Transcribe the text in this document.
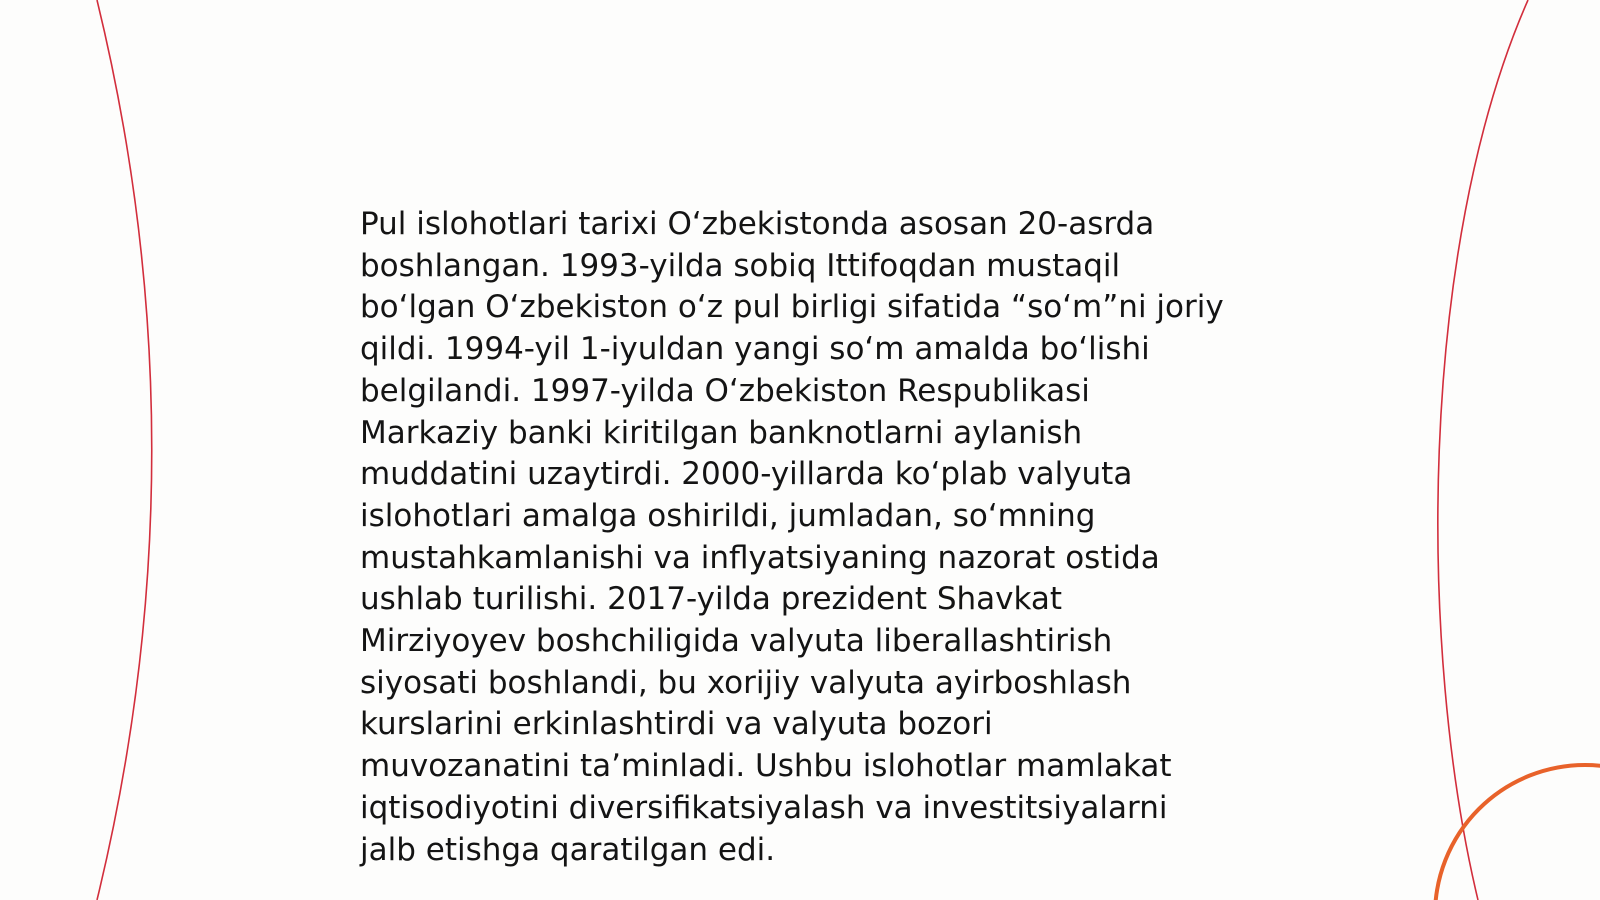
Pul islohotlari tarixi Oʻzbekistonda asosan 20-asrda
boshlangan. 1993-yilda sobiq Ittifoqdan mustaqil
boʻlgan Oʻzbekiston oʻz pul birligi sifatida “soʻm”ni joriy
qildi. 1994-yil 1-iyuldan yangi soʻm amalda boʻlishi
belgilandi. 1997-yilda Oʻzbekiston Respublikasi
Markaziy banki kiritilgan banknotlarni aylanish
muddatini uzaytirdi. 2000-yillarda koʻplab valyuta
islohotlari amalga oshirildi, jumladan, soʻmning
mustahkamlanishi va inflyatsiyaning nazorat ostida
ushlab turilishi. 2017-yilda prezident Shavkat
Mirziyoyev boshchiligida valyuta liberallashtirish
siyosati boshlandi, bu xorijiy valyuta ayirboshlash
kurslarini erkinlashtirdi va valyuta bozori
muvozanatini taʼminladi. Ushbu islohotlar mamlakat
iqtisodiyotini diversifikatsiyalash va investitsiyalarni
jalb etishga qaratilgan edi.
